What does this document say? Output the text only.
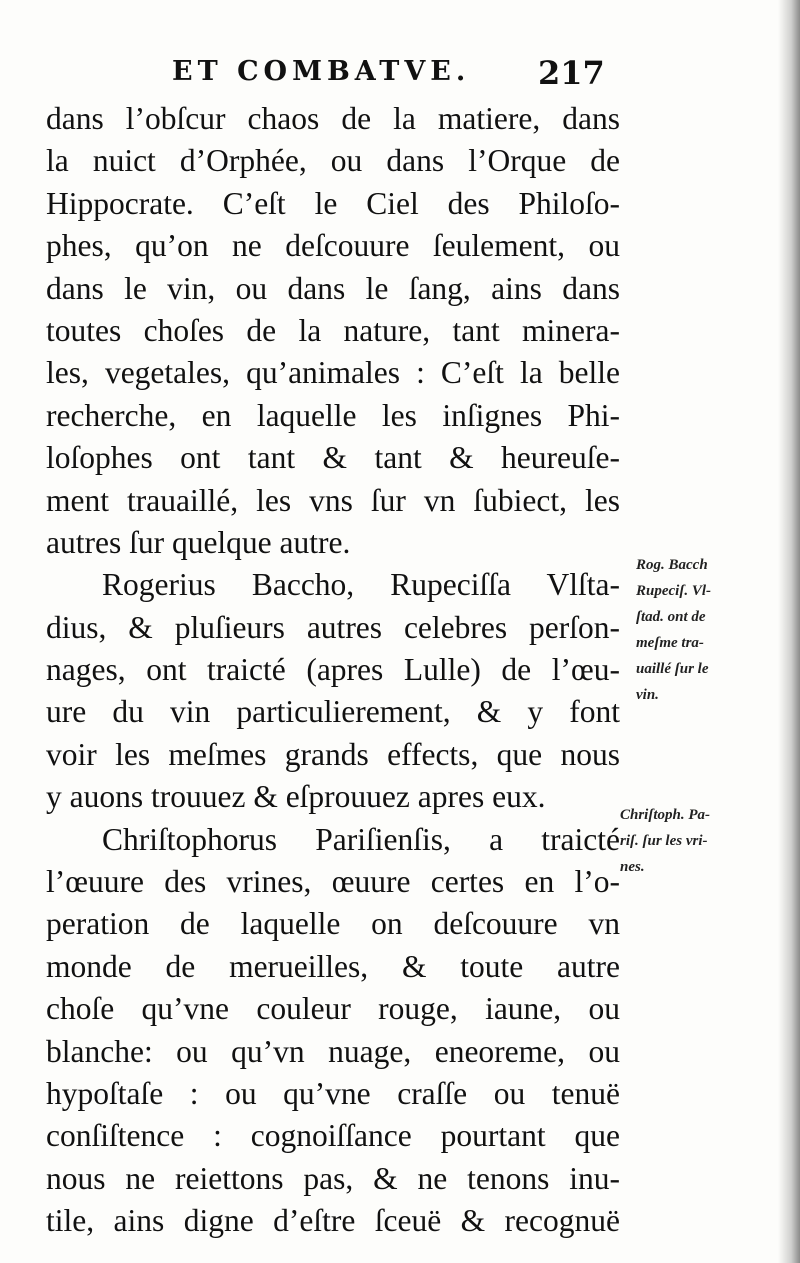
ET COMBATVE. 217
dans l’obſcur chaos de la matiere, dans
la nuict d’Orphée, ou dans l’Orque de
Hippocrate. C’eſt le Ciel des Philoſo-
phes, qu’on ne deſcouure ſeulement, ou
dans le vin, ou dans le ſang, ains dans
toutes choſes de la nature, tant minera-
les, vegetales, qu’animales : C’eſt la belle
recherche, en laquelle les inſignes Phi-
loſophes ont tant & tant & heureuſe-
ment trauaillé, les vns ſur vn ſubiect, les
autres ſur quelque autre.
Rogerius Baccho, Rupeciſſa Vlſta-
dius, & pluſieurs autres celebres perſon-
nages, ont traicté (apres Lulle) de l’œu-
ure du vin particulierement, & y font
voir les meſmes grands effects, que nous
y auons trouuez & eſprouuez apres eux.
Chriſtophorus Pariſienſis, a traicté
l’œuure des vrines, œuure certes en l’o-
peration de laquelle on deſcouure vn
monde de merueilles, & toute autre
choſe qu’vne couleur rouge, iaune, ou
blanche: ou qu’vn nuage, eneoreme, ou
hypoſtaſe : ou qu’vne craſſe ou tenuë
conſiſtence : cognoiſſance pourtant que
nous ne reiettons pas, & ne tenons inu-
tile, ains digne d’eſtre ſceuë & recognuë
Rog. Bacch
Rupeciſ. Vl-
ſtad. ont de
meſme tra-
uaillé ſur le
vin.
Chriſtoph. Pa-
riſ. ſur les vri-
nes.
